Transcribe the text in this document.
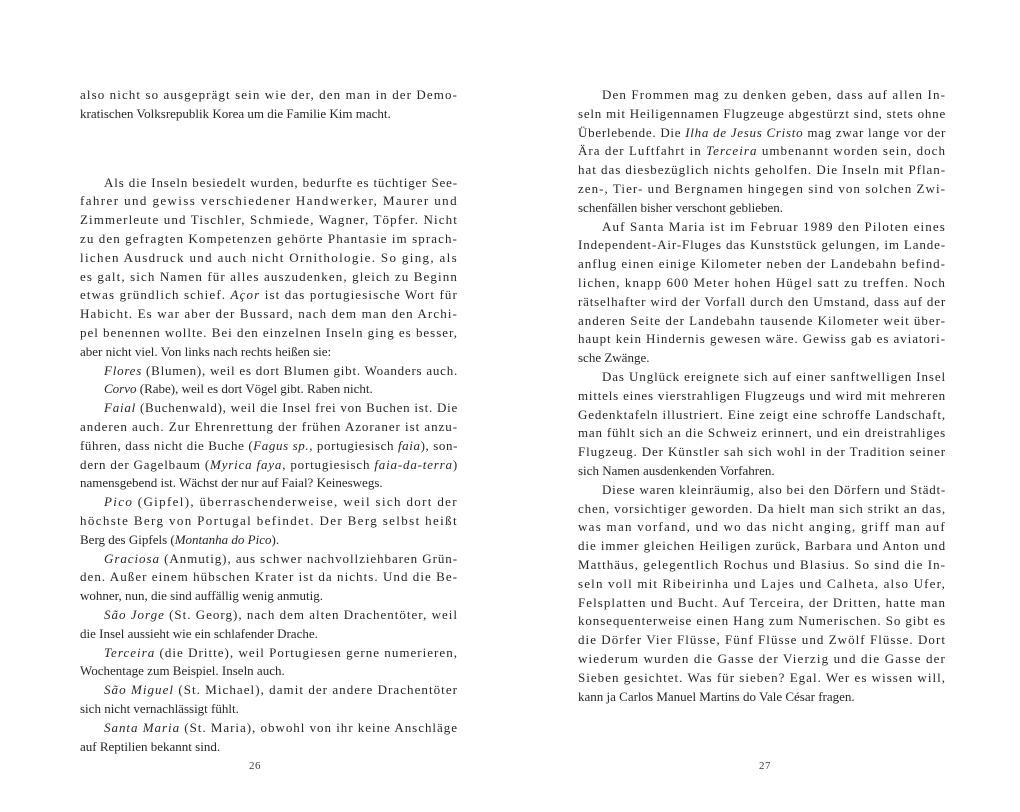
also nicht so ausgeprägt sein wie der, den man in der Demo-
kratischen Volksrepublik Korea um die Familie Kim macht.
Als die Inseln besiedelt wurden, bedurfte es tüchtiger See-
fahrer und gewiss verschiedener Handwerker, Maurer und
Zimmerleute und Tischler, Schmiede, Wagner, Töpfer. Nicht
zu den gefragten Kompetenzen gehörte Phantasie im sprach-
lichen Ausdruck und auch nicht Ornithologie. So ging, als
es galt, sich Namen für alles auszudenken, gleich zu Beginn
etwas gründlich schief. Açor ist das portugiesische Wort für
Habicht. Es war aber der Bussard, nach dem man den Archi-
pel benennen wollte. Bei den einzelnen Inseln ging es besser,
aber nicht viel. Von links nach rechts heißen sie:
Flores (Blumen), weil es dort Blumen gibt. Woanders auch.
Corvo (Rabe), weil es dort Vögel gibt. Raben nicht.
Faial (Buchenwald), weil die Insel frei von Buchen ist. Die
anderen auch. Zur Ehrenrettung der frühen Azoraner ist anzu-
führen, dass nicht die Buche (Fagus sp., portugiesisch faia), son-
dern der Gagelbaum (Myrica faya, portugiesisch faia-da-terra)
namensgebend ist. Wächst der nur auf Faial? Keineswegs.
Pico (Gipfel), überraschenderweise, weil sich dort der
höchste Berg von Portugal befindet. Der Berg selbst heißt
Berg des Gipfels (Montanha do Pico).
Graciosa (Anmutig), aus schwer nachvollziehbaren Grün-
den. Außer einem hübschen Krater ist da nichts. Und die Be-
wohner, nun, die sind auffällig wenig anmutig.
São Jorge (St. Georg), nach dem alten Drachentöter, weil
die Insel aussieht wie ein schlafender Drache.
Terceira (die Dritte), weil Portugiesen gerne numerieren,
Wochentage zum Beispiel. Inseln auch.
São Miguel (St. Michael), damit der andere Drachentöter
sich nicht vernachlässigt fühlt.
Santa Maria (St. Maria), obwohl von ihr keine Anschläge
auf Reptilien bekannt sind.
26
Den Frommen mag zu denken geben, dass auf allen In-
seln mit Heiligennamen Flugzeuge abgestürzt sind, stets ohne
Überlebende. Die Ilha de Jesus Cristo mag zwar lange vor der
Ära der Luftfahrt in Terceira umbenannt worden sein, doch
hat das diesbezüglich nichts geholfen. Die Inseln mit Pflan-
zen-, Tier- und Bergnamen hingegen sind von solchen Zwi-
schenfällen bisher verschont geblieben.
Auf Santa Maria ist im Februar 1989 den Piloten eines
Independent-Air-Fluges das Kunststück gelungen, im Lande-
anflug einen einige Kilometer neben der Landebahn befind-
lichen, knapp 600 Meter hohen Hügel satt zu treffen. Noch
rätselhafter wird der Vorfall durch den Umstand, dass auf der
anderen Seite der Landebahn tausende Kilometer weit über-
haupt kein Hindernis gewesen wäre. Gewiss gab es aviatori-
sche Zwänge.
Das Unglück ereignete sich auf einer sanftwelligen Insel
mittels eines vierstrahligen Flugzeugs und wird mit mehreren
Gedenktafeln illustriert. Eine zeigt eine schroffe Landschaft,
man fühlt sich an die Schweiz erinnert, und ein dreistrahliges
Flugzeug. Der Künstler sah sich wohl in der Tradition seiner
sich Namen ausdenkenden Vorfahren.
Diese waren kleinräumig, also bei den Dörfern und Städt-
chen, vorsichtiger geworden. Da hielt man sich strikt an das,
was man vorfand, und wo das nicht anging, griff man auf
die immer gleichen Heiligen zurück, Barbara und Anton und
Matthäus, gelegentlich Rochus und Blasius. So sind die In-
seln voll mit Ribeirinha und Lajes und Calheta, also Ufer,
Felsplatten und Bucht. Auf Terceira, der Dritten, hatte man
konsequenterweise einen Hang zum Numerischen. So gibt es
die Dörfer Vier Flüsse, Fünf Flüsse und Zwölf Flüsse. Dort
wiederum wurden die Gasse der Vierzig und die Gasse der
Sieben gesichtet. Was für sieben? Egal. Wer es wissen will,
kann ja Carlos Manuel Martins do Vale César fragen.
27
